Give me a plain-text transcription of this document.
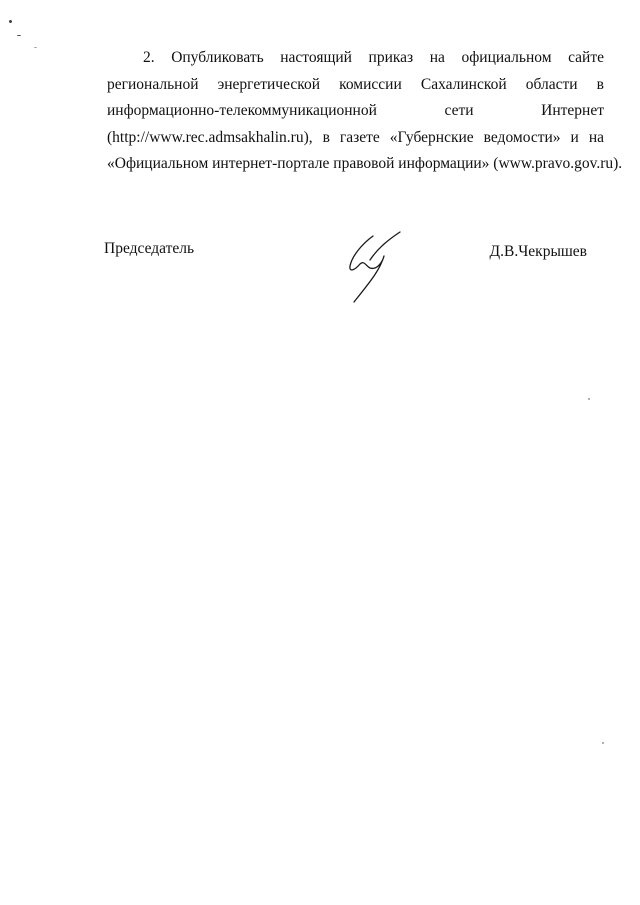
2. Опубликовать настоящий приказ на официальном сайте
региональной энергетической комиссии Сахалинской области в
информационно-телекоммуникационной сети Интернет
(http://www.rec.admsakhalin.ru), в газете «Губернские ведомости» и на
«Официальном интернет-портале правовой информации» (www.pravo.gov.ru).
Председатель	Д.В.Чекрышев
